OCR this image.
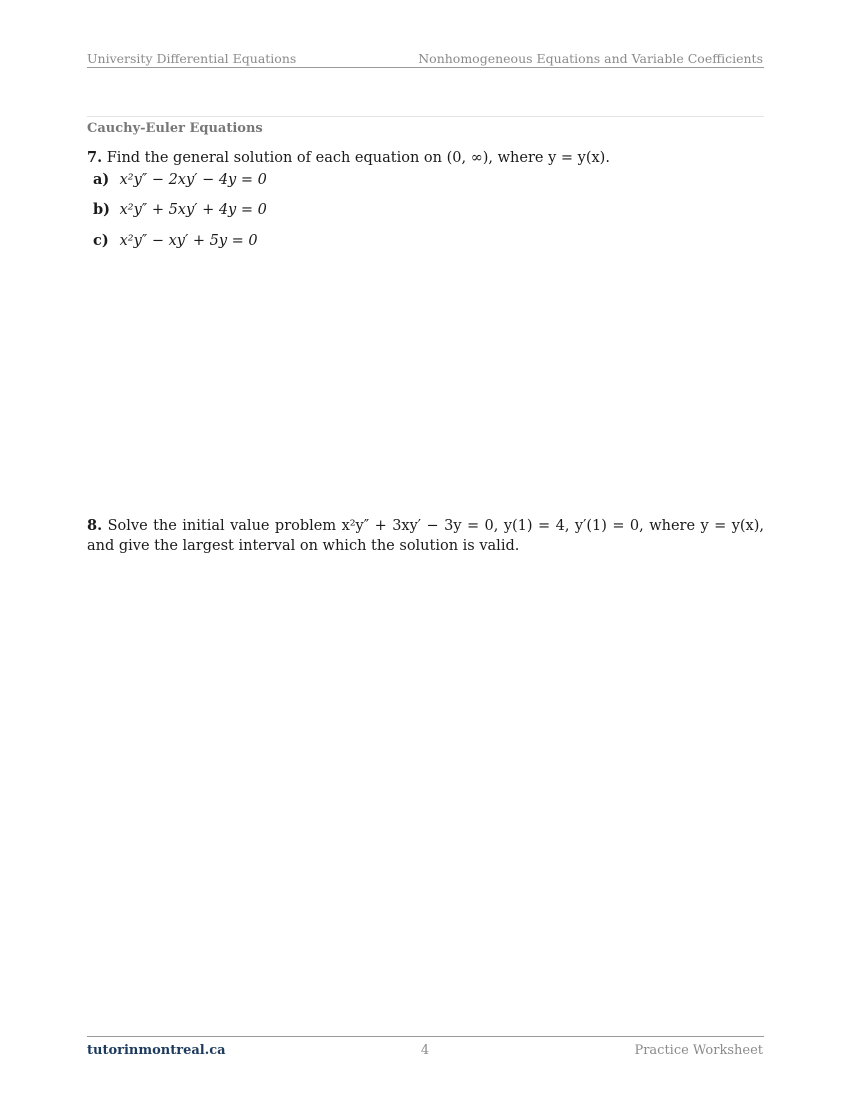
University Differential Equations	Nonhomogeneous Equations and Variable Coefficients
Cauchy-Euler Equations
7. Find the general solution of each equation on (0, ∞), where y = y(x).
a) x²y″ − 2xy′ − 4y = 0
b) x²y″ + 5xy′ + 4y = 0
c) x²y″ − xy′ + 5y = 0
8. Solve the initial value problem x²y″ + 3xy′ − 3y = 0, y(1) = 4, y′(1) = 0, where y = y(x), and give the largest interval on which the solution is valid.
tutorinmontreal.ca	4	Practice Worksheet
